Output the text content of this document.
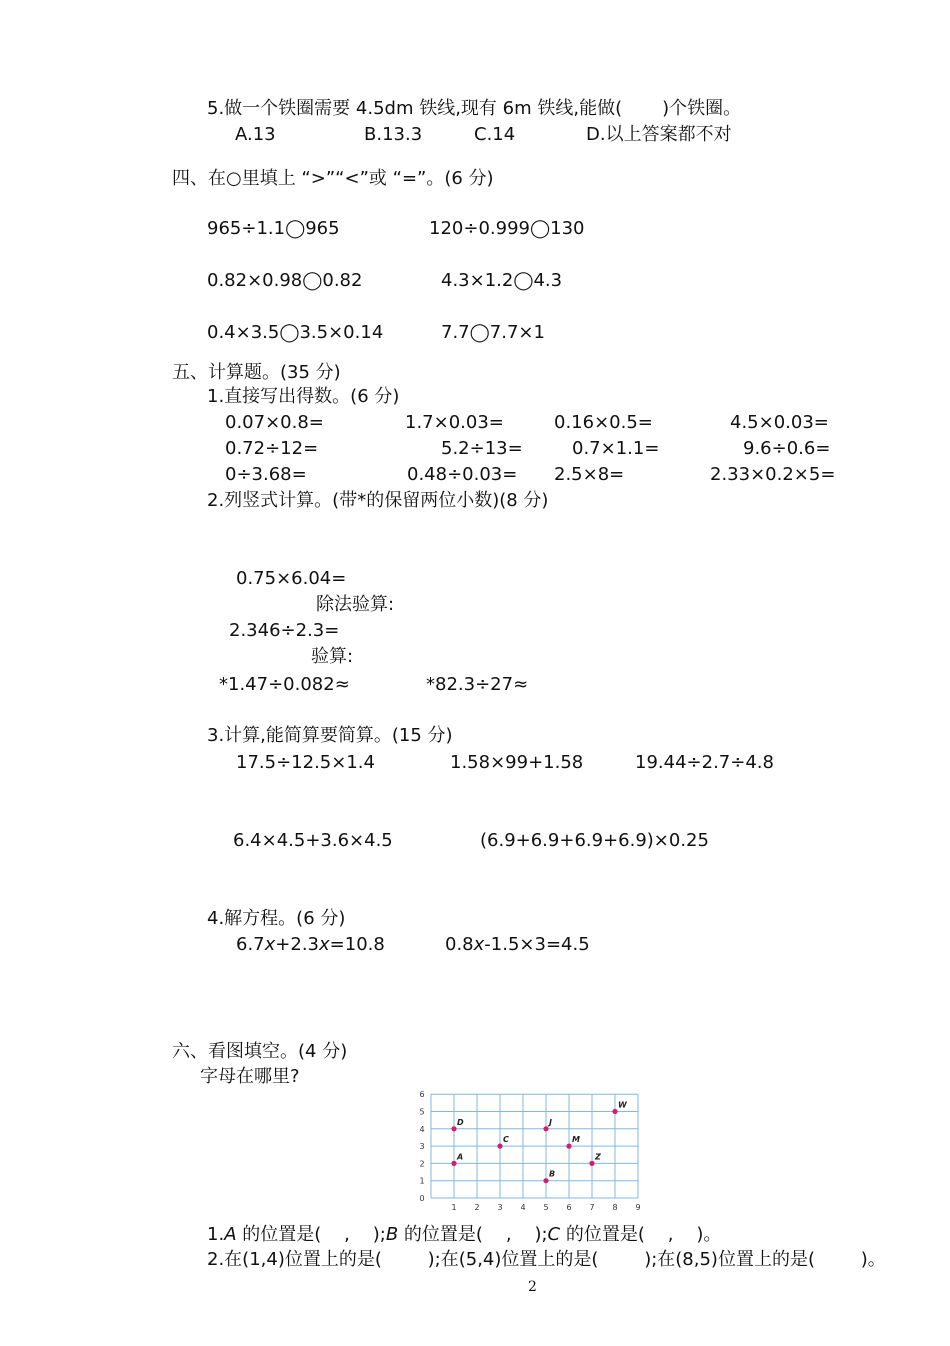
5.做一个铁圈需要 4.5dm 铁线,现有 6m 铁线,能做(       )个铁圈。
A.13	B.13.3	C.14	D.以上答案都不对
四、在○里填上 “>”“<”或 “=”。(6 分)
965÷1.1◯965	120÷0.999◯130
0.82×0.98◯0.82	4.3×1.2◯4.3
0.4×3.5◯3.5×0.14	7.7◯7.7×1
五、计算题。(35 分)
1.直接写出得数。(6 分)
0.07×0.8=	1.7×0.03=	0.16×0.5=	4.5×0.03=
0.72÷12=	5.2÷13=	0.7×1.1=	9.6÷0.6=
0÷3.68=	0.48÷0.03= 2.5×8=	2.33×0.2×5=
2.列竖式计算。(带*的保留两位小数)(8 分)
0.75×6.04=
除法验算:
2.346÷2.3=
验算:
*1.47÷0.082≈	*82.3÷27≈
3.计算,能简算要简算。(15 分)
17.5÷12.5×1.4	1.58×99+1.58	19.44÷2.7÷4.8
6.4×4.5+3.6×4.5	(6.9+6.9+6.9+6.9)×0.25
4.解方程。(6 分)
6.7x+2.3x=10.8	0.8x-1.5×3=4.5
六、看图填空。(4 分)
字母在哪里?
1 2 3 4 5 6 7 8 9
0
1
2
3
4
5
6
A
D
C
J
B
M
Z
W
1.A 的位置是(    ,    );B 的位置是(    ,    );C 的位置是(    ,    )。
2.在(1,4)位置上的是(        );在(5,4)位置上的是(        );在(8,5)位置上的是(        )。
2
